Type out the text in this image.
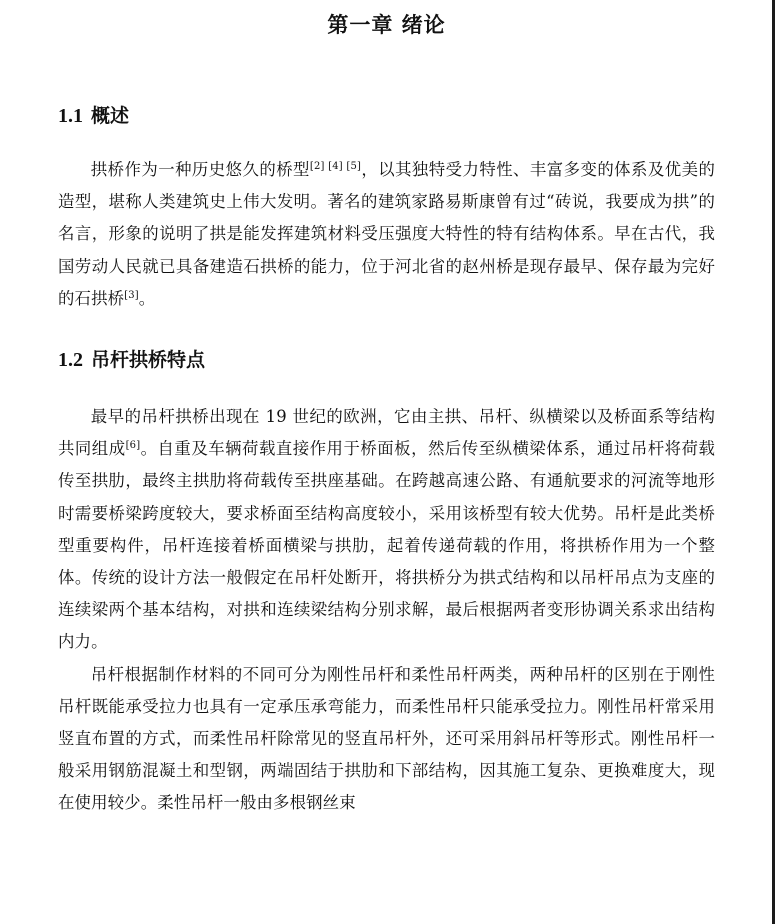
第一章 绪论
1.1 概述

拱桥作为一种历史悠久的桥型[2] [4] [5]，以其独特受力特性、丰富多变的体系及优美的造型，堪称人类建筑史上伟大发明。著名的建筑家路易斯康曾有过“砖说，我要成为拱”的名言，形象的说明了拱是能发挥建筑材料受压强度大特性的特有结构体系。早在古代，我国劳动人民就已具备建造石拱桥的能力，位于河北省的赵州桥是现存最早、保存最为完好的石拱桥[3]。

1.2 吊杆拱桥特点

最早的吊杆拱桥出现在 19 世纪的欧洲，它由主拱、吊杆、纵横梁以及桥面系等结构共同组成[6]。自重及车辆荷载直接作用于桥面板，然后传至纵横梁体系，通过吊杆将荷载传至拱肋，最终主拱肋将荷载传至拱座基础。在跨越高速公路、有通航要求的河流等地形时需要桥梁跨度较大，要求桥面至结构高度较小，采用该桥型有较大优势。吊杆是此类桥型重要构件，吊杆连接着桥面横梁与拱肋，起着传递荷载的作用，将拱桥作用为一个整体。传统的设计方法一般假定在吊杆处断开，将拱桥分为拱式结构和以吊杆吊点为支座的连续梁两个基本结构，对拱和连续梁结构分别求解，最后根据两者变形协调关系求出结构内力。

吊杆根据制作材料的不同可分为刚性吊杆和柔性吊杆两类，两种吊杆的区别在于刚性吊杆既能承受拉力也具有一定承压承弯能力，而柔性吊杆只能承受拉力。刚性吊杆常采用竖直布置的方式，而柔性吊杆除常见的竖直吊杆外，还可采用斜吊杆等形式。刚性吊杆一般采用钢筋混凝土和型钢，两端固结于拱肋和下部结构，因其施工复杂、更换难度大，现在使用较少。柔性吊杆一般由多根钢丝束
